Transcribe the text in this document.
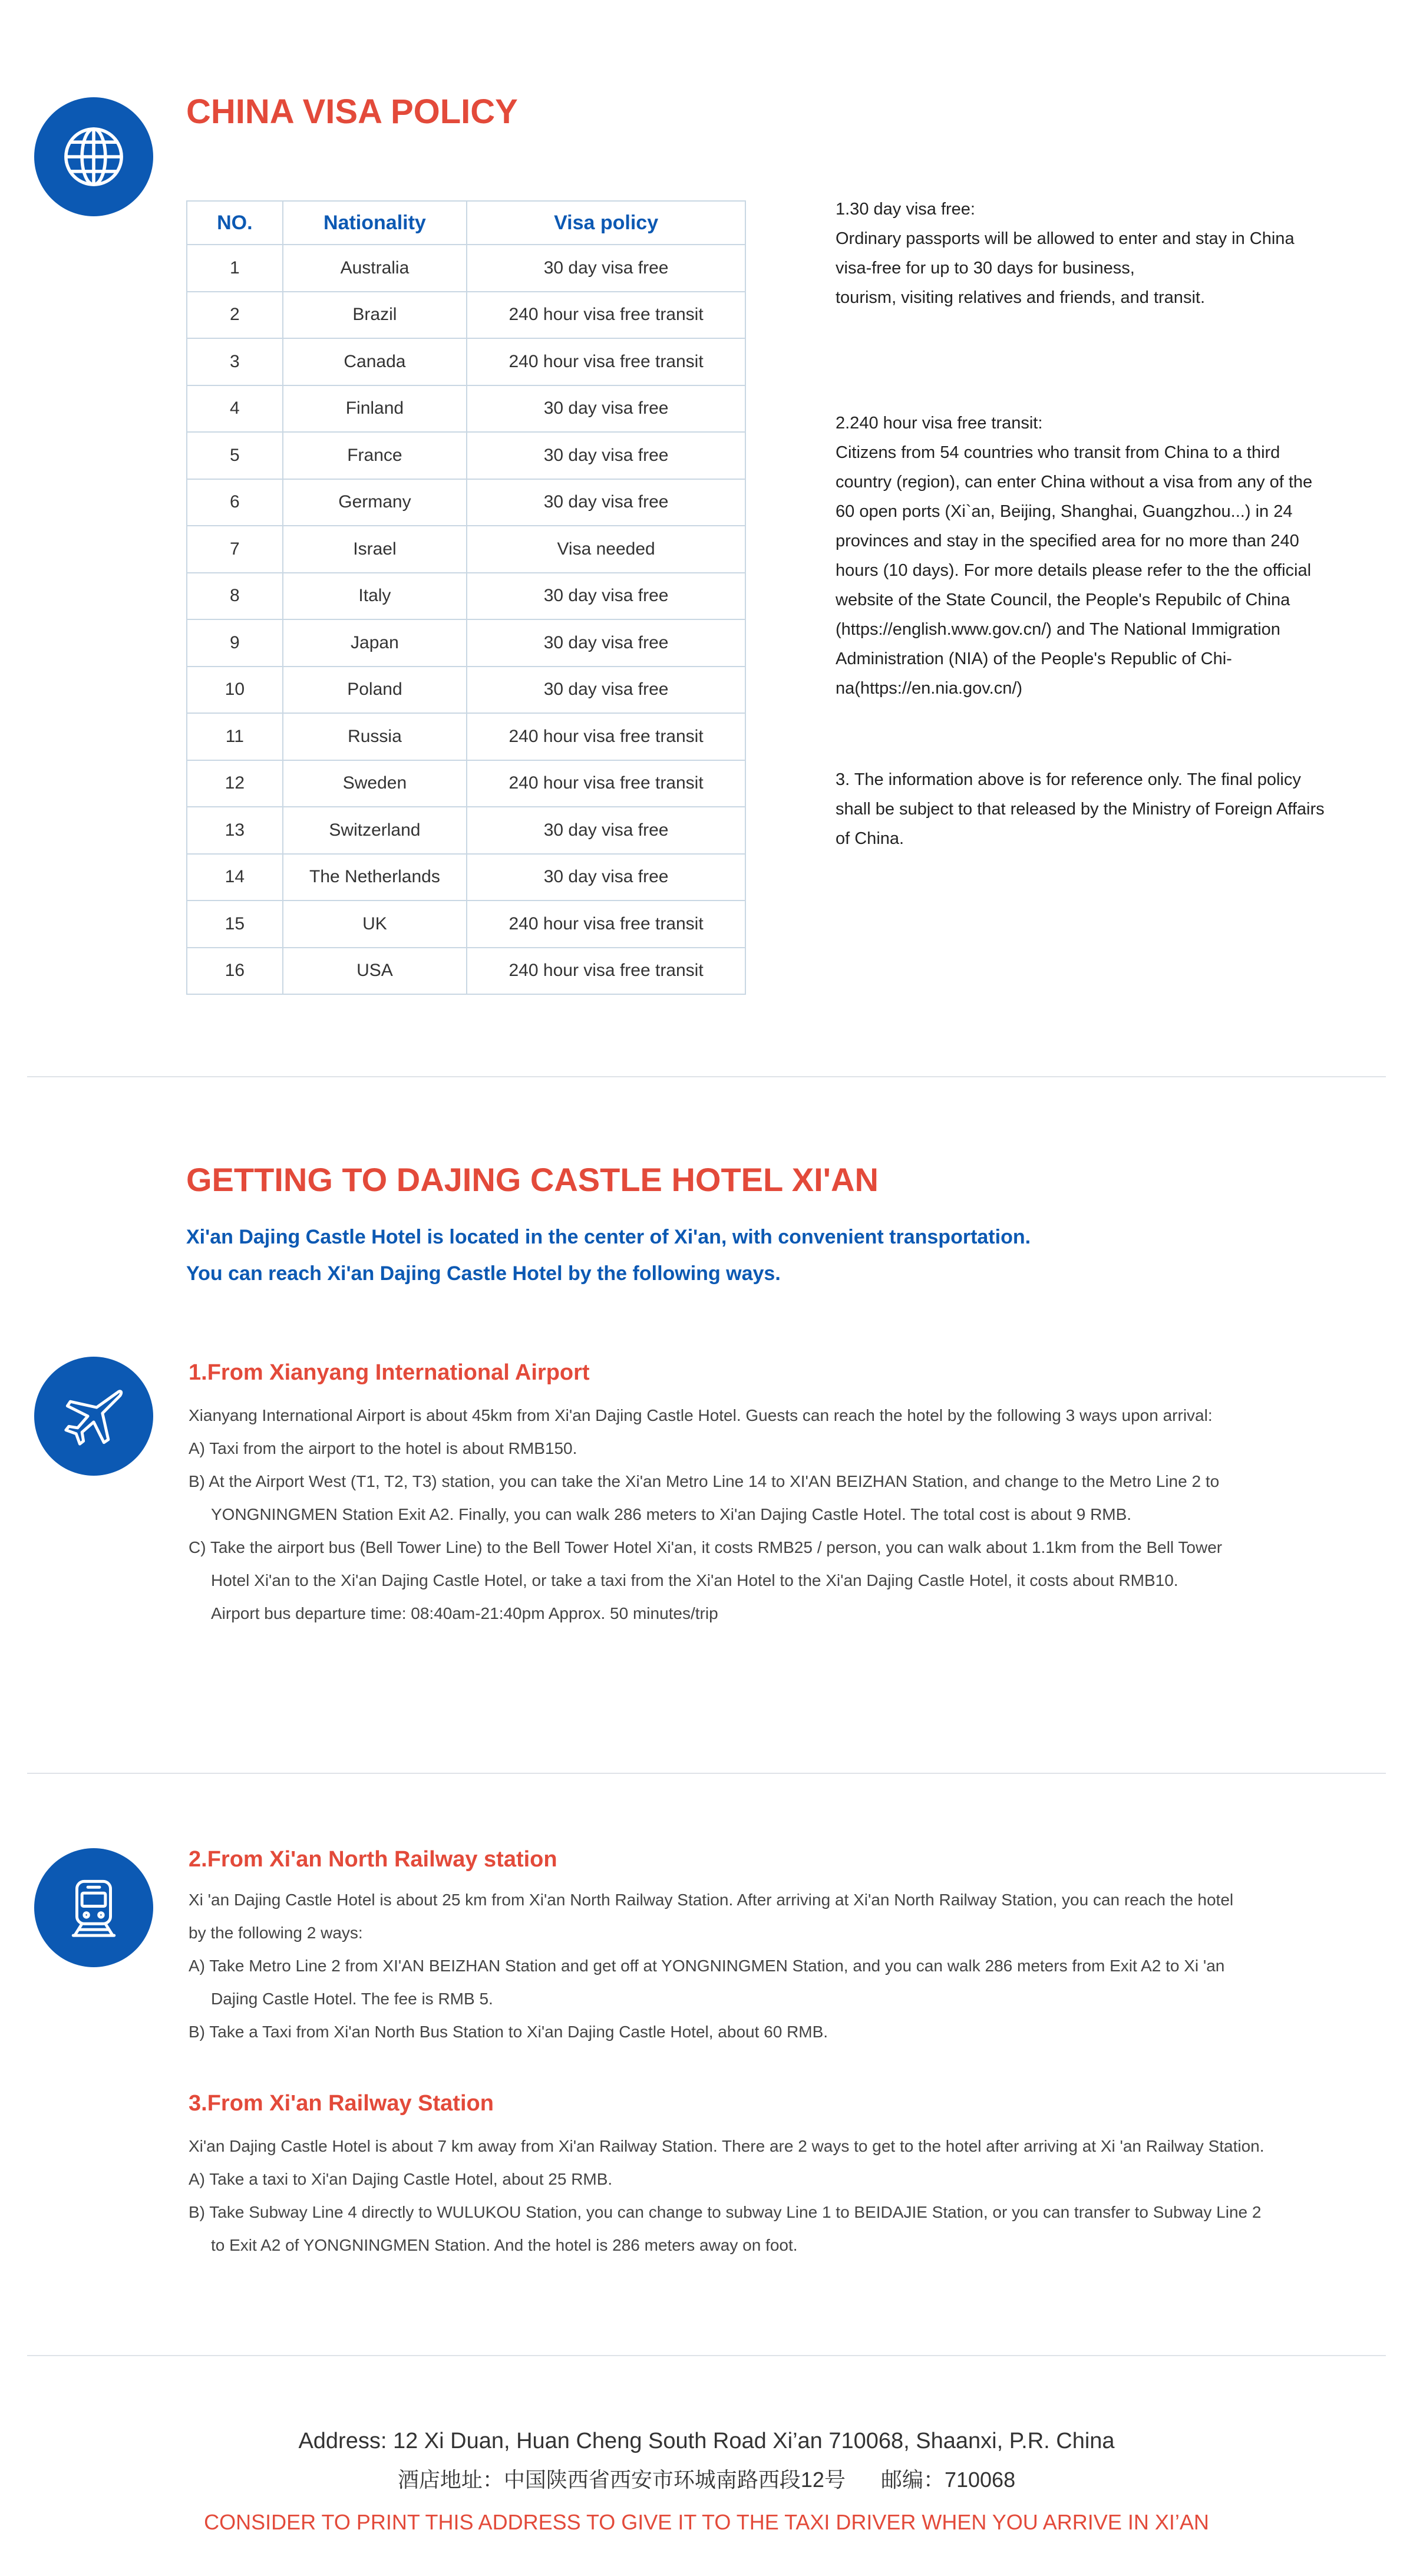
CHINA VISA POLICY
NO.	Nationality	Visa policy
1	Australia	30 day visa free
2	Brazil	240 hour visa free transit
3	Canada	240 hour visa free transit
4	Finland	30 day visa free
5	France	30 day visa free
6	Germany	30 day visa free
7	Israel	Visa needed
8	Italy	30 day visa free
9	Japan	30 day visa free
10	Poland	30 day visa free
11	Russia	240 hour visa free transit
12	Sweden	240 hour visa free transit
13	Switzerland	30 day visa free
14	The Netherlands	30 day visa free
15	UK	240 hour visa free transit
16	USA	240 hour visa free transit

1.30 day visa free:

Ordinary passports will be allowed to enter and stay in China

visa-free for up to 30 days for business,

tourism, visiting relatives and friends, and transit.

2.240 hour visa free transit:

Citizens from 54 countries who transit from China to a third

country (region), can enter China without a visa from any of the

60 open ports (Xi`an, Beijing, Shanghai, Guangzhou...) in 24

provinces and stay in the specified area for no more than 240

hours (10 days). For more details please refer to the the official

website of the State Council, the People's Repubilc of China

(https://english.www.gov.cn/) and The National Immigration

Administration (NIA) of the People's Republic of Chi-

na(https://en.nia.gov.cn/)

3. The information above is for reference only. The final policy

shall be subject to that released by the Ministry of Foreign Affairs

of China.

GETTING TO DAJING CASTLE HOTEL XI'AN
Xi'an Dajing Castle Hotel is located in the center of Xi'an, with convenient transportation.
You can reach Xi'an Dajing Castle Hotel by the following ways.
1.From Xianyang International Airport

Xianyang International Airport is about 45km from Xi'an Dajing Castle Hotel. Guests can reach the hotel by the following 3 ways upon arrival:

A) Taxi from the airport to the hotel is about RMB150.

B) At the Airport West (T1, T2, T3) station, you can take the Xi'an Metro Line 14 to XI'AN BEIZHAN Station, and change to the Metro Line 2 to

YONGNINGMEN Station Exit A2. Finally, you can walk 286 meters to Xi'an Dajing Castle Hotel. The total cost is about 9 RMB.

C) Take the airport bus (Bell Tower Line) to the Bell Tower Hotel Xi'an, it costs RMB25 / person, you can walk about 1.1km from the Bell Tower

Hotel Xi'an to the Xi'an Dajing Castle Hotel, or take a taxi from the Xi'an Hotel to the Xi'an Dajing Castle Hotel, it costs about RMB10.

Airport bus departure time: 08:40am-21:40pm Approx. 50 minutes/trip

2.From Xi'an North Railway station

Xi 'an Dajing Castle Hotel is about 25 km from Xi'an North Railway Station. After arriving at Xi'an North Railway Station, you can reach the hotel

by the following 2 ways:

A) Take Metro Line 2 from XI'AN BEIZHAN Station and get off at YONGNINGMEN Station, and you can walk 286 meters from Exit A2 to Xi 'an

Dajing Castle Hotel. The fee is RMB 5.

B) Take a Taxi from Xi'an North Bus Station to Xi'an Dajing Castle Hotel, about 60 RMB.

3.From Xi'an Railway Station

Xi'an Dajing Castle Hotel is about 7 km away from Xi'an Railway Station. There are 2 ways to get to the hotel after arriving at Xi 'an Railway Station.

A) Take a taxi to Xi'an Dajing Castle Hotel, about 25 RMB.

B) Take Subway Line 4 directly to WULUKOU Station, you can change to subway Line 1 to BEIDAJIE Station, or you can transfer to Subway Line 2

to Exit A2 of YONGNINGMEN Station. And the hotel is 286 meters away on foot.

Address: 12 Xi Duan, Huan Cheng South Road Xi’an 710068, Shaanxi, P.R. China
酒店地址：中国陕西省西安市环城南路西段12号      邮编：710068
CONSIDER TO PRINT THIS ADDRESS TO GIVE IT TO THE TAXI DRIVER WHEN YOU ARRIVE IN XI’AN
